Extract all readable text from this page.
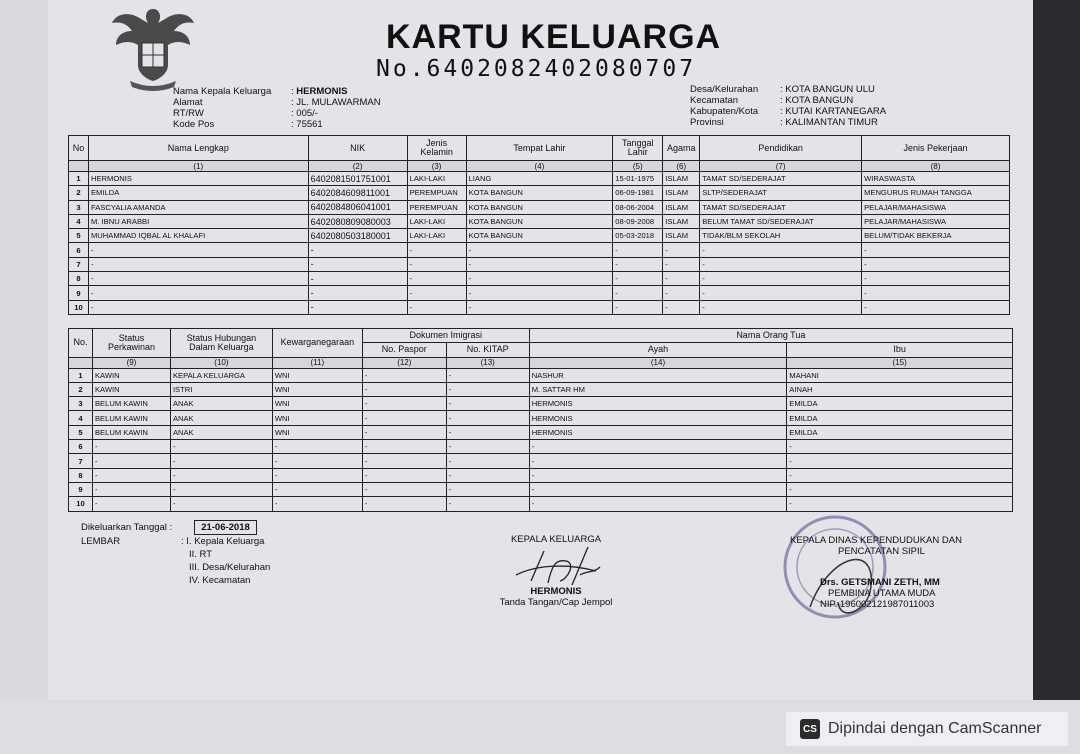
KARTU KELUARGA
No.6402082402080707
Nama Kepala Keluarga	: HERMONIS
Alamat	: JL. MULAWARMAN
RT/RW	: 005/-
Kode Pos	: 75561
Desa/Kelurahan	: KOTA BANGUN ULU
Kecamatan	: KOTA BANGUN
Kabupaten/Kota	: KUTAI KARTANEGARA
Provinsi	: KALIMANTAN TIMUR
No	Nama Lengkap	NIK	Jenis Kelamin	Tempat Lahir	Tanggal Lahir	Agama	Pendidikan	Jenis Pekerjaan
	(1)	(2)	(3)	(4)	(5)	(6)	(7)	(8)
1	HERMONIS	6402081501751001	LAKI-LAKI	LIANG	15-01-1975	ISLAM	TAMAT SD/SEDERAJAT	WIRASWASTA
2	EMILDA	6402084609811001	PEREMPUAN	KOTA BANGUN	06-09-1981	ISLAM	SLTP/SEDERAJAT	MENGURUS RUMAH TANGGA
3	FASCYALIA AMANDA	6402084806041001	PEREMPUAN	KOTA BANGUN	08-06-2004	ISLAM	TAMAT SD/SEDERAJAT	PELAJAR/MAHASISWA
4	M. IBNU ARABBI	6402080809080003	LAKI-LAKI	KOTA BANGUN	08-09-2008	ISLAM	BELUM TAMAT SD/SEDERAJAT	PELAJAR/MAHASISWA
5	MUHAMMAD IQBAL AL KHALAFI	6402080503180001	LAKI-LAKI	KOTA BANGUN	05-03-2018	ISLAM	TIDAK/BLM SEKOLAH	BELUM/TIDAK BEKERJA
6	-	-	-	-	-	-	-	-
7	-	-	-	-	-	-	-	-
8	-	-	-	-	-	-	-	-
9	-	-	-	-	-	-	-	-
10	-	-	-	-	-	-	-	-
No.	Status Perkawinan	Status Hubungan Dalam Keluarga	Kewarganegaraan	Dokumen Imigrasi		Nama Orang Tua	
				No. Paspor	No. KITAP	Ayah	Ibu
	(9)	(10)	(11)	(12)	(13)	(14)	(15)
1	KAWIN	KEPALA KELUARGA	WNI	-	-	NASHUR	MAHANI
2	KAWIN	ISTRI	WNI	-	-	M. SATTAR HM	AINAH
3	BELUM KAWIN	ANAK	WNI	-	-	HERMONIS	EMILDA
4	BELUM KAWIN	ANAK	WNI	-	-	HERMONIS	EMILDA
5	BELUM KAWIN	ANAK	WNI	-	-	HERMONIS	EMILDA
6	-	-	-	-	-	-	-
7	-	-	-	-	-	-	-
8	-	-	-	-	-	-	-
9	-	-	-	-	-	-	-
10	-	-	-	-	-	-	-
Dikeluarkan Tanggal :	21-06-2018
LEMBAR	: I. Kepala Keluarga
II. RT
III. Desa/Kelurahan
IV. Kecamatan
KEPALA KELUARGA
HERMONIS
Tanda Tangan/Cap Jempol
KEPALA DINAS KEPENDUDUKAN DAN
PENCATATAN SIPIL
Drs. GETSMANI ZETH, MM
PEMBINA UTAMA MUDA
NIP. 196002121987011003
CS Dipindai dengan CamScanner
